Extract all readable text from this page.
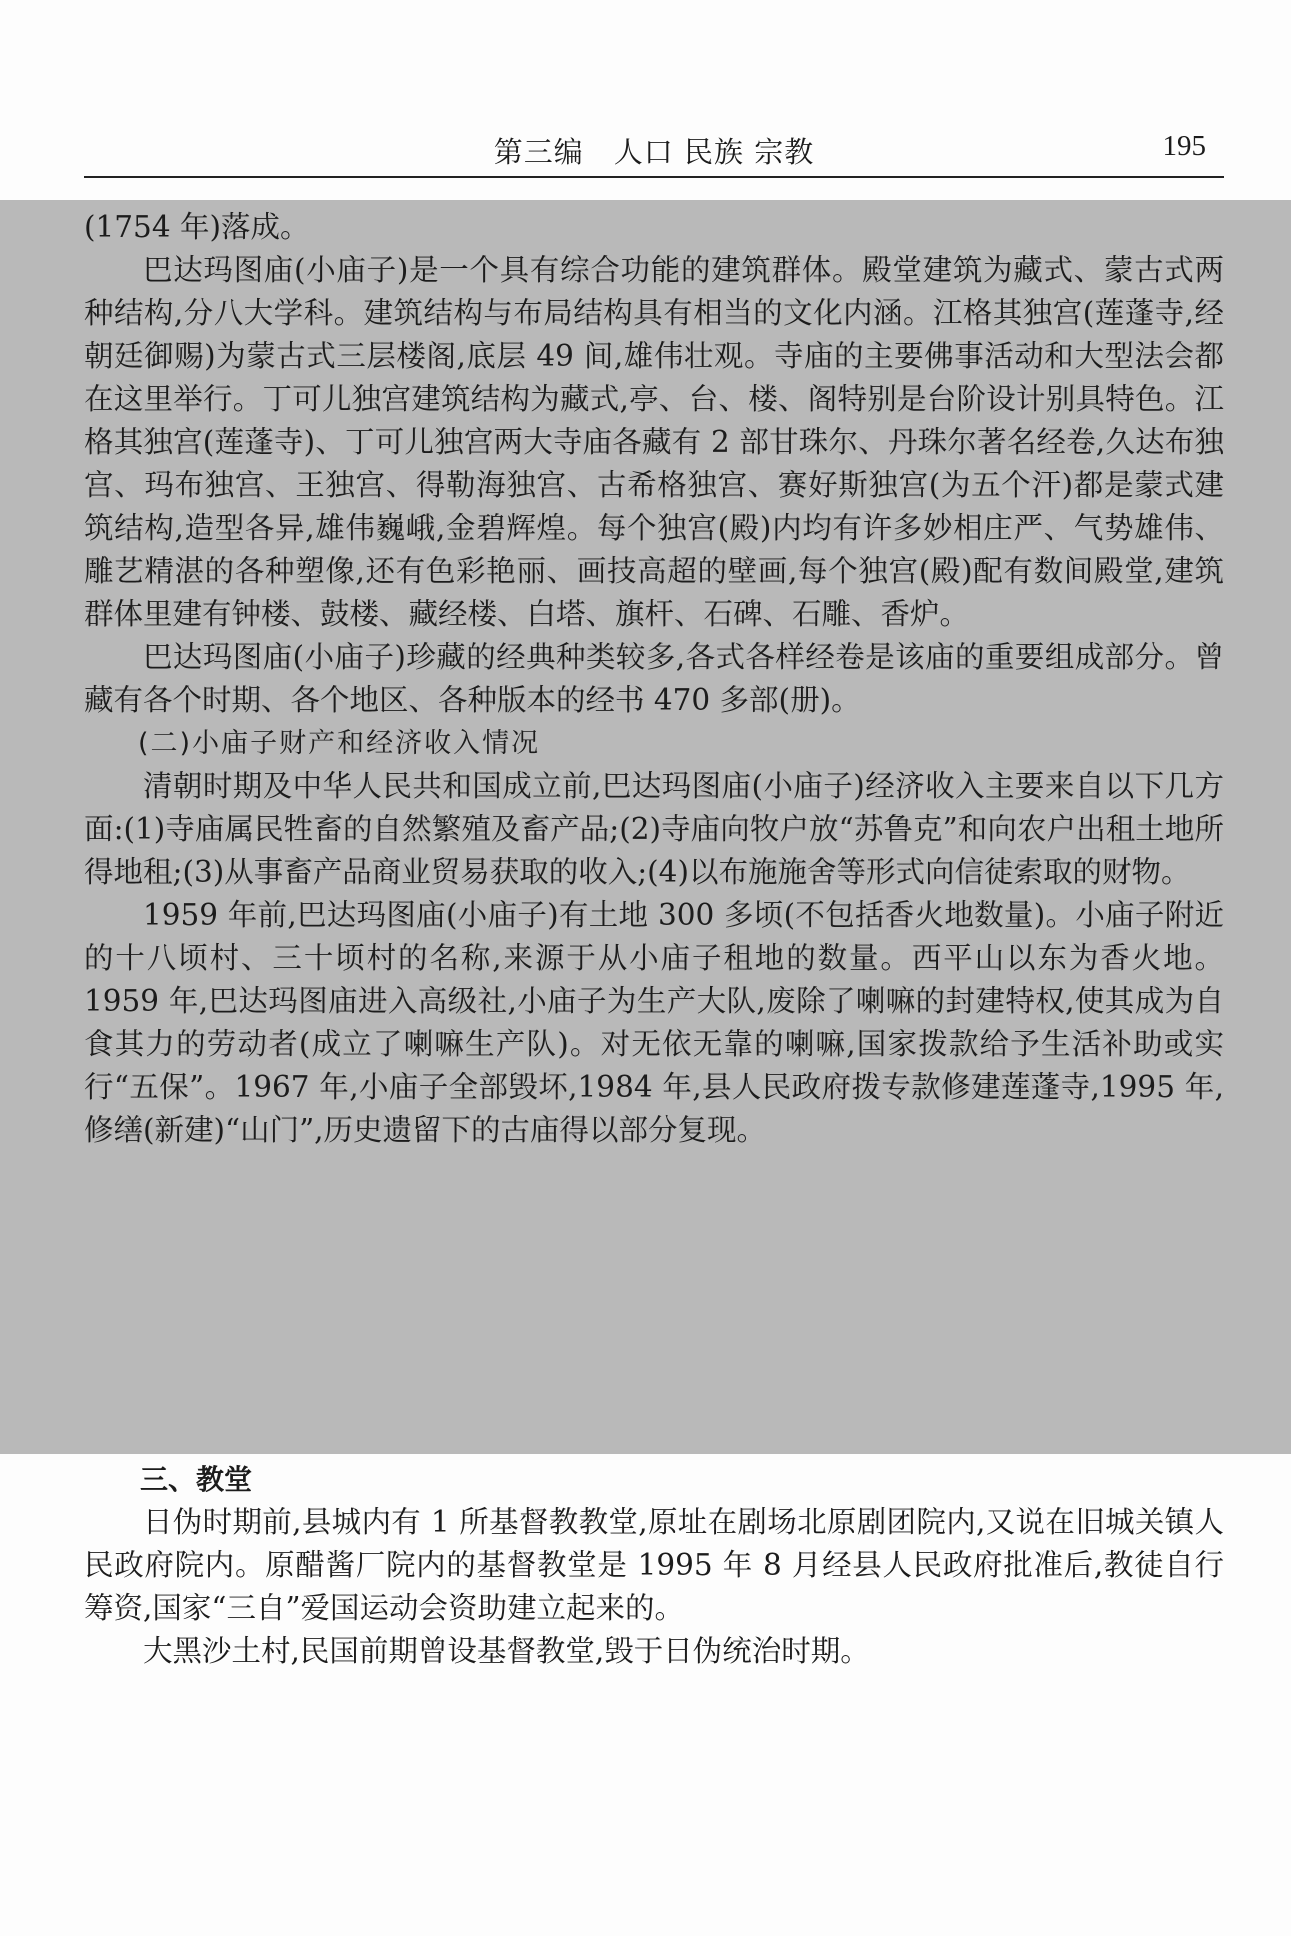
第三编　人口 民族 宗教	195

(1754 年)落成。

巴达玛图庙(小庙子)是一个具有综合功能的建筑群体。殿堂建筑为藏式、蒙古式两种结构,分八大学科。建筑结构与布局结构具有相当的文化内涵。江格其独宫(莲蓬寺,经朝廷御赐)为蒙古式三层楼阁,底层 49 间,雄伟壮观。寺庙的主要佛事活动和大型法会都在这里举行。丁可儿独宫建筑结构为藏式,亭、台、楼、阁特别是台阶设计别具特色。江格其独宫(莲蓬寺)、丁可儿独宫两大寺庙各藏有 2 部甘珠尔、丹珠尔著名经卷,久达布独宫、玛布独宫、王独宫、得勒海独宫、古希格独宫、赛好斯独宫(为五个汗)都是蒙式建筑结构,造型各异,雄伟巍峨,金碧辉煌。每个独宫(殿)内均有许多妙相庄严、气势雄伟、雕艺精湛的各种塑像,还有色彩艳丽、画技高超的壁画,每个独宫(殿)配有数间殿堂,建筑群体里建有钟楼、鼓楼、藏经楼、白塔、旗杆、石碑、石雕、香炉。

巴达玛图庙(小庙子)珍藏的经典种类较多,各式各样经卷是该庙的重要组成部分。曾藏有各个时期、各个地区、各种版本的经书 470 多部(册)。

(二)小庙子财产和经济收入情况

清朝时期及中华人民共和国成立前,巴达玛图庙(小庙子)经济收入主要来自以下几方面:(1)寺庙属民牲畜的自然繁殖及畜产品;(2)寺庙向牧户放“苏鲁克”和向农户出租土地所得地租;(3)从事畜产品商业贸易获取的收入;(4)以布施施舍等形式向信徒索取的财物。

1959 年前,巴达玛图庙(小庙子)有土地 300 多顷(不包括香火地数量)。小庙子附近的十八顷村、三十顷村的名称,来源于从小庙子租地的数量。西平山以东为香火地。1959 年,巴达玛图庙进入高级社,小庙子为生产大队,废除了喇嘛的封建特权,使其成为自食其力的劳动者(成立了喇嘛生产队)。对无依无靠的喇嘛,国家拨款给予生活补助或实行“五保”。1967 年,小庙子全部毁坏,1984 年,县人民政府拨专款修建莲蓬寺,1995 年,修缮(新建)“山门”,历史遗留下的古庙得以部分复现。

三、教堂

日伪时期前,县城内有 1 所基督教教堂,原址在剧场北原剧团院内,又说在旧城关镇人民政府院内。原醋酱厂院内的基督教堂是 1995 年 8 月经县人民政府批准后,教徒自行筹资,国家“三自”爱国运动会资助建立起来的。

大黑沙土村,民国前期曾设基督教堂,毁于日伪统治时期。
